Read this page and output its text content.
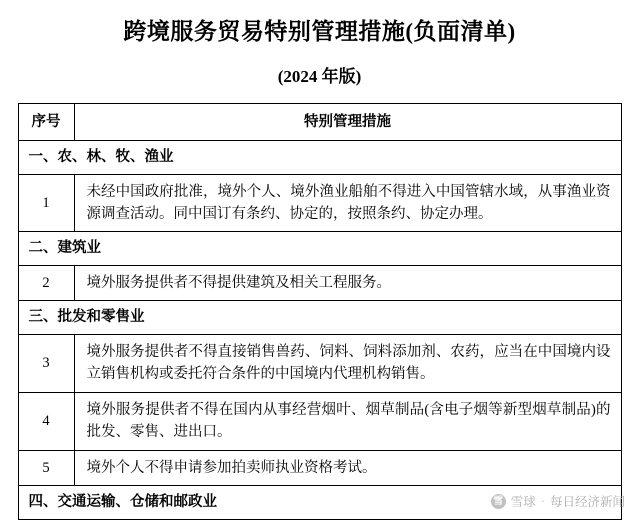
跨境服务贸易特别管理措施(负面清单)
(2024 年版)
序号	特别管理措施
一、农、林、牧、渔业	
1	未经中国政府批准，境外个人、境外渔业船舶不得进入中国管辖水域，从事渔业资源调查活动。同中国订有条约、协定的，按照条约、协定办理。
二、建筑业	
2	境外服务提供者不得提供建筑及相关工程服务。
三、批发和零售业	
3	境外服务提供者不得直接销售兽药、饲料、饲料添加剂、农药，应当在中国境内设立销售机构或委托符合条件的中国境内代理机构销售。
4	境外服务提供者不得在国内从事经营烟叶、烟草制品(含电子烟等新型烟草制品)的批发、零售、进出口。
5	境外个人不得申请参加拍卖师执业资格考试。
四、交通运输、仓储和邮政业		雪 雪球 · 每日经济新闻
